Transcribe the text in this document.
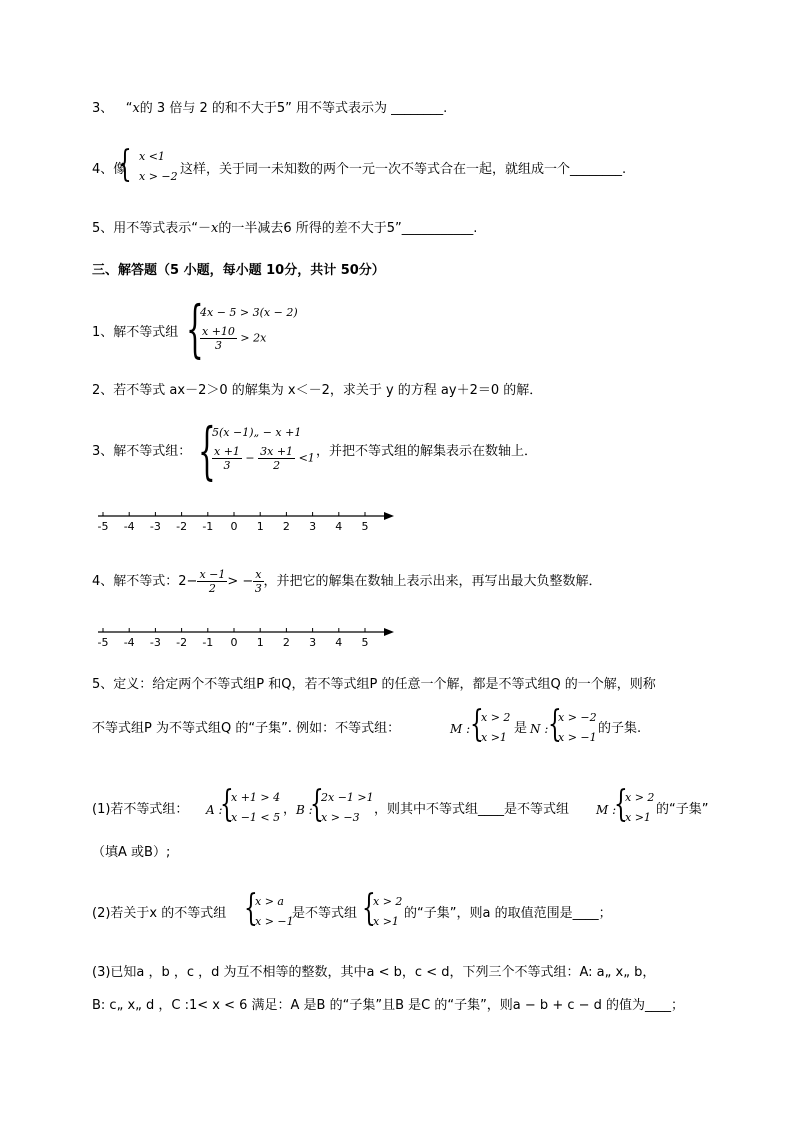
3、 “x的 3 倍与 2 的和不大于5” 用不等式表示为 ________.
4、像
{ x <1
x > −2 这样，关于同一未知数的两个一元一次不等式合在一起，就组成一个________.
5、用不等式表示“－x的一半减去6 所得的差不大于5”___________.
三、解答题（5 小题，每小题 10分，共计 50分）
1、解不等式组 {
4x − 5 > 3(x − 2)
$\frac{x +10}{3} > 2x$
2、若不等式 ax－2＞0 的解集为 x＜－2，求关于 y 的方程 ay＋2＝0 的解．
3、解不等式组： {
5(x −1)„ − x +1
$\frac{x +1}{3} - \frac{3x +1}{2} <1$ ，并把不等式组的解集表示在数轴上．
-5 -4 -3 -2 -1 0 1 2 3 4 5
4、解不等式：$2- \frac{x -1}{2}$ > − $\frac{x}{3}$ ，并把它的解集在数轴上表示出来，再写出最大负整数解．
-5 -4 -3 -2 -1 0 1 2 3 4 5
5、定义：给定两个不等式组P 和Q，若不等式组P 的任意一个解，都是不等式组Q 的一个解，则称
不等式组P 为不等式组Q 的“子集”. 例如：不等式组：	M : {
x > 2
x >1
是 N : {
x > −2
x > −1
的子集.
(1)若不等式组： A :
{
x +1 > 4
x −1 < 5
， B :
{
2x −1 >1
x > −3
，则其中不等式组____是不等式组 M :
{
x > 2
x >1
的“子集”
（填A 或B）;
(2)若关于x 的不等式组 {
x > a
x > −1
是不等式组 {
x > 2
x >1
的“子集”，则a 的取值范围是____；
(3)已知a ，b ，c ，d 为互不相等的整数，其中a < b，c < d，下列三个不等式组：A: a„ x„ b，
B: c„ x„ d ，C :1< x < 6 满足：A 是B 的“子集”且B 是C 的“子集”，则a − b + c − d 的值为____；
